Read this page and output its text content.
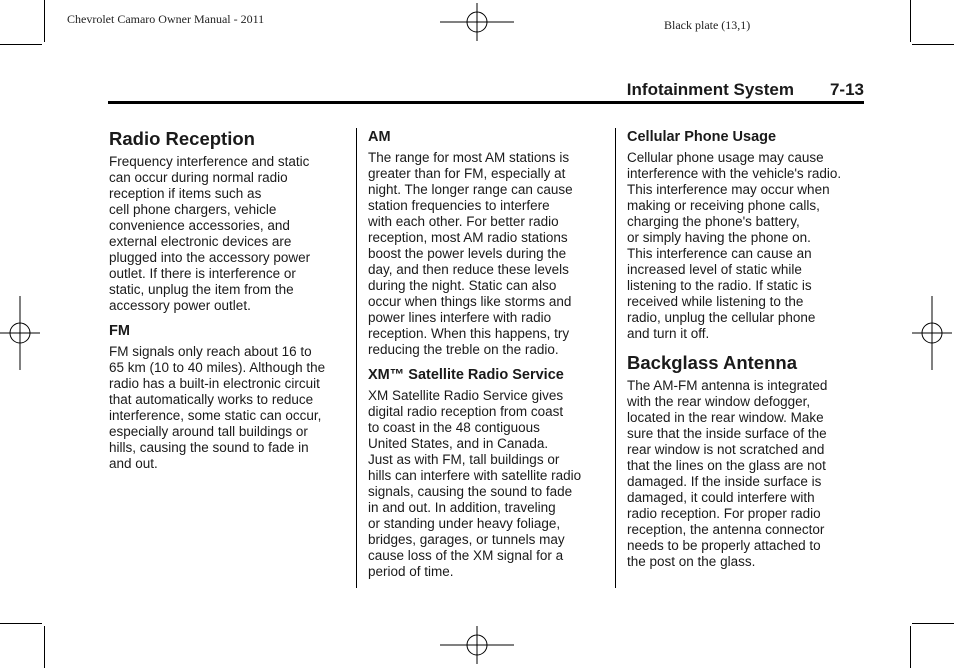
Chevrolet Camaro Owner Manual - 2011	Black plate (13,1)
Infotainment System 7-13
Radio Reception

Frequency interference and static
can occur during normal radio
reception if items such as
cell phone chargers, vehicle
convenience accessories, and
external electronic devices are
plugged into the accessory power
outlet. If there is interference or
static, unplug the item from the
accessory power outlet.

FM

FM signals only reach about 16 to
65 km (10 to 40 miles). Although the
radio has a built-in electronic circuit
that automatically works to reduce
interference, some static can occur,
especially around tall buildings or
hills, causing the sound to fade in
and out.

AM

The range for most AM stations is
greater than for FM, especially at
night. The longer range can cause
station frequencies to interfere
with each other. For better radio
reception, most AM radio stations
boost the power levels during the
day, and then reduce these levels
during the night. Static can also
occur when things like storms and
power lines interfere with radio
reception. When this happens, try
reducing the treble on the radio.

XM™ Satellite Radio Service

XM Satellite Radio Service gives
digital radio reception from coast
to coast in the 48 contiguous
United States, and in Canada.
Just as with FM, tall buildings or
hills can interfere with satellite radio
signals, causing the sound to fade
in and out. In addition, traveling
or standing under heavy foliage,
bridges, garages, or tunnels may
cause loss of the XM signal for a
period of time.

Cellular Phone Usage

Cellular phone usage may cause
interference with the vehicle's radio.
This interference may occur when
making or receiving phone calls,
charging the phone's battery,
or simply having the phone on.
This interference can cause an
increased level of static while
listening to the radio. If static is
received while listening to the
radio, unplug the cellular phone
and turn it off.

Backglass Antenna

The AM-FM antenna is integrated
with the rear window defogger,
located in the rear window. Make
sure that the inside surface of the
rear window is not scratched and
that the lines on the glass are not
damaged. If the inside surface is
damaged, it could interfere with
radio reception. For proper radio
reception, the antenna connector
needs to be properly attached to
the post on the glass.
